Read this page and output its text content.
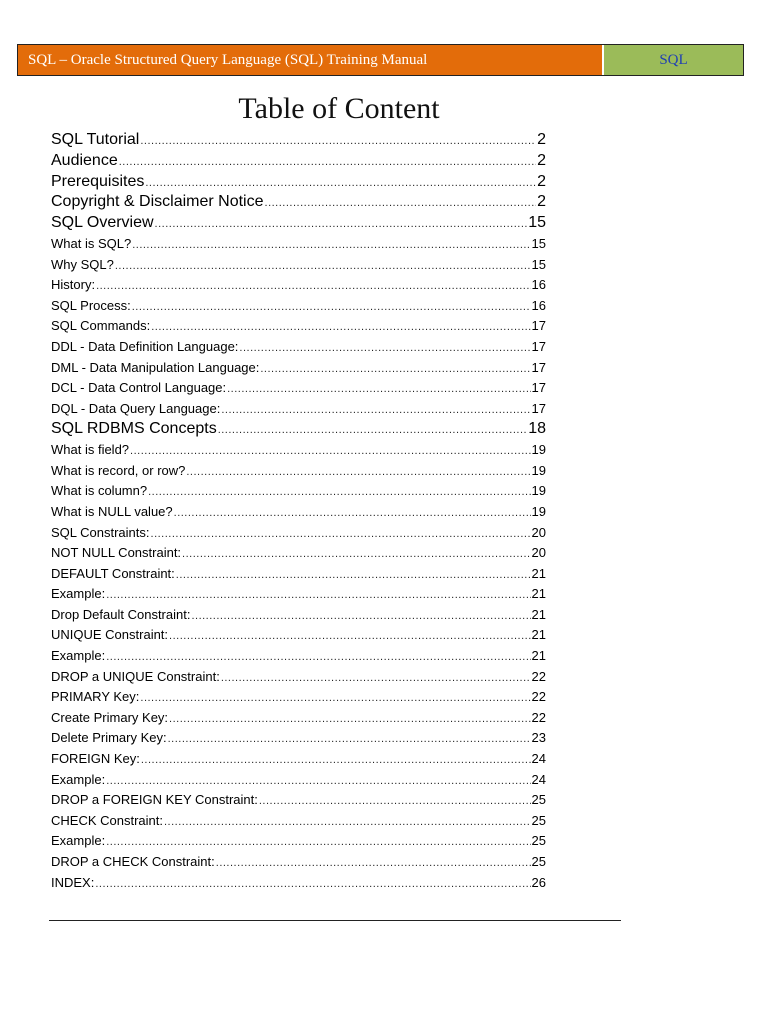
SQL – Oracle Structured Query Language (SQL) Training Manual	SQL
Table of Content
SQL Tutorial .....	2
Audience .....	2
Prerequisites .....	2
Copyright & Disclaimer Notice .....	2
SQL Overview .....	15
What is SQL? .....	15
Why SQL? .....	15
History: .....	16
SQL Process: .....	16
SQL Commands: .....	17
DDL - Data Definition Language: .....	17
DML - Data Manipulation Language: .....	17
DCL - Data Control Language: .....	17
DQL - Data Query Language: .....	17
SQL RDBMS Concepts .....	18
What is field? .....	19
What is record, or row? .....	19
What is column? .....	19
What is NULL value? .....	19
SQL Constraints: .....	20
NOT NULL Constraint: .....	20
DEFAULT Constraint: .....	21
Example: .....	21
Drop Default Constraint: .....	21
UNIQUE Constraint: .....	21
Example: .....	21
DROP a UNIQUE Constraint: .....	22
PRIMARY Key: .....	22
Create Primary Key: .....	22
Delete Primary Key: .....	23
FOREIGN Key: .....	24
Example: .....	24
DROP a FOREIGN KEY Constraint: .....	25
CHECK Constraint: .....	25
Example: .....	25
DROP a CHECK Constraint: .....	25
INDEX: .....	26
